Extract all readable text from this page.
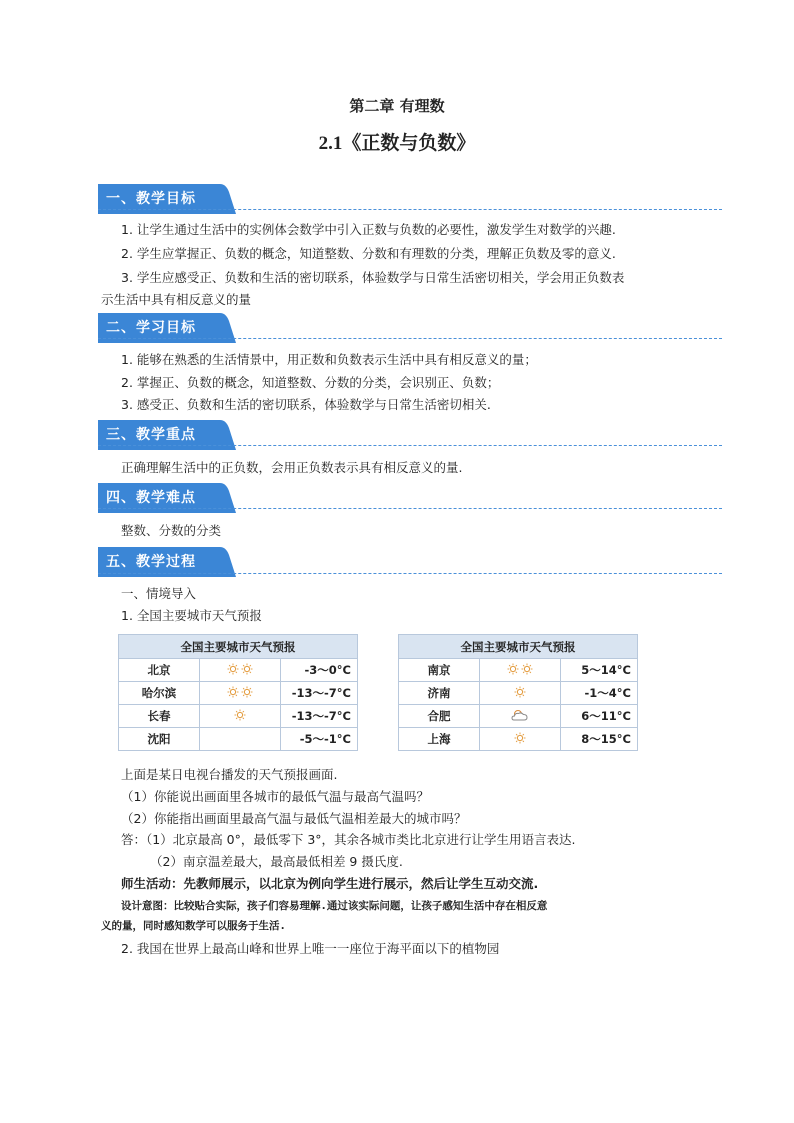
第二章 有理数
2.1《正数与负数》
一、教学目标
1. 让学生通过生活中的实例体会数学中引入正数与负数的必要性，激发学生对数学的兴趣.
2. 学生应掌握正、负数的概念，知道整数、分数和有理数的分类，理解正负数及零的意义.
3. 学生应感受正、负数和生活的密切联系，体验数学与日常生活密切相关，学会用正负数表
示生活中具有相反意义的量
二、学习目标
1. 能够在熟悉的生活情景中，用正数和负数表示生活中具有相反意义的量；
2. 掌握正、负数的概念，知道整数、分数的分类，会识别正、负数；
3. 感受正、负数和生活的密切联系，体验数学与日常生活密切相关.
三、教学重点
正确理解生活中的正负数，会用正负数表示具有相反意义的量.
四、教学难点
整数、分数的分类
五、教学过程
一、情境导入
1. 全国主要城市天气预报
全国主要城市天气预报		
北京		-3～0°C
哈尔滨		-13～-7°C
长春		-13～-7°C
沈阳		-5～-1°C
全国主要城市天气预报		
南京		5～14°C
济南		-1～4°C
合肥		6～11°C
上海		8～15°C
上面是某日电视台播发的天气预报画面.
（1）你能说出画面里各城市的最低气温与最高气温吗？
（2）你能指出画面里最高气温与最低气温相差最大的城市吗？
答：（1）北京最高 0°，最低零下 3°，其余各城市类比北京进行让学生用语言表达.
（2）南京温差最大，最高最低相差 9 摄氏度.
师生活动：先教师展示，以北京为例向学生进行展示，然后让学生互动交流.
设计意图：比较贴合实际，孩子们容易理解.通过该实际问题，让孩子感知生活中存在相反意
义的量，同时感知数学可以服务于生活.
2. 我国在世界上最高山峰和世界上唯一一座位于海平面以下的植物园
